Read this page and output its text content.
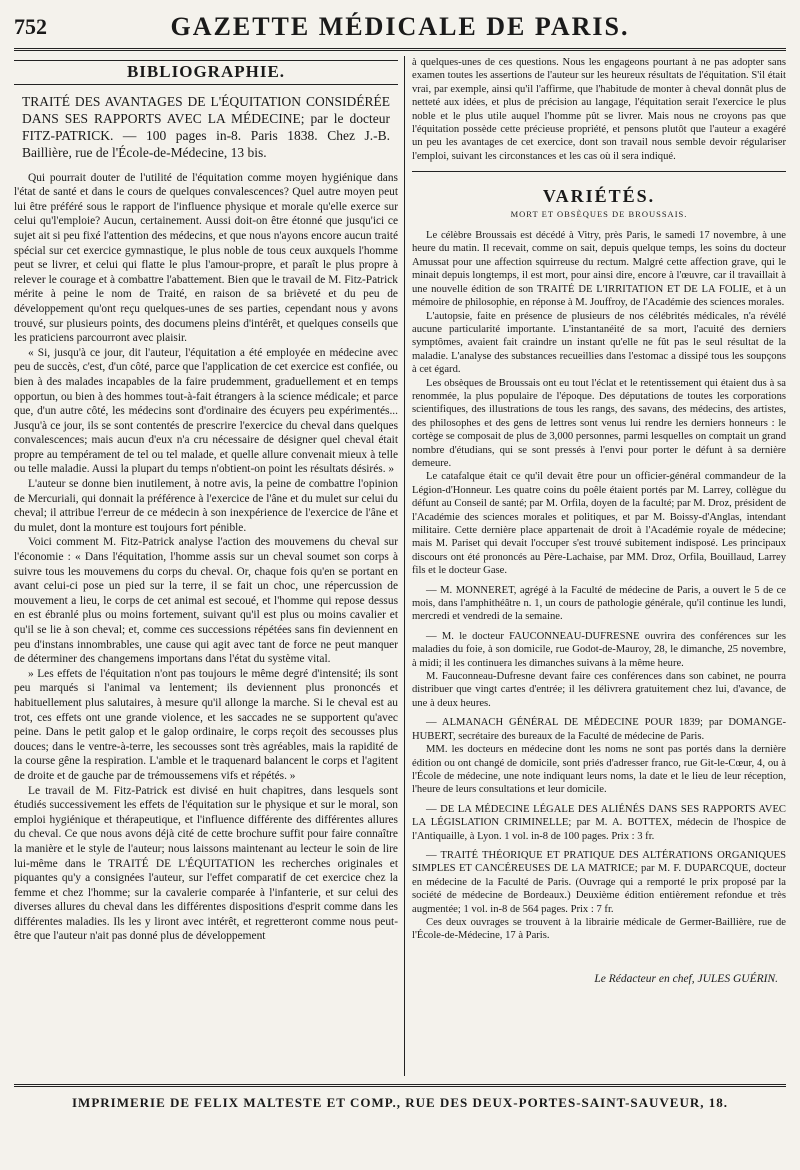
752	GAZETTE MÉDICALE DE PARIS.
BIBLIOGRAPHIE.
TRAITÉ DES AVANTAGES DE L'ÉQUITATION CONSIDÉRÉE DANS SES RAPPORTS AVEC LA MÉDECINE; par le docteur FITZ-PATRICK. — 100 pages in-8. Paris 1838. Chez J.-B. Baillière, rue de l'École-de-Médecine, 13 bis.

Qui pourrait douter de l'utilité de l'équitation comme moyen hygiénique dans l'état de santé et dans le cours de quelques convalescences? Quel autre moyen peut lui être préféré sous le rapport de l'influence physique et morale qu'elle exerce sur celui qu'l'emploie? Aucun, certainement. Aussi doit-on être étonné que jusqu'ici ce sujet ait si peu fixé l'attention des médecins, et que nous n'ayons encore aucun traité spécial sur cet exercice gymnastique, le plus noble de tous ceux auxquels l'homme peut se livrer, et celui qui flatte le plus l'amour-propre, et paraît le plus propre à relever le courage et à combattre l'abattement. Bien que le travail de M. Fitz-Patrick mérite à peine le nom de Traité, en raison de sa brièveté et du peu de développement qu'ont reçu quelques-unes de ses parties, cependant nous y avons trouvé, sur plusieurs points, des documens pleins d'intérêt, et quelques conseils que les praticiens parcourront avec plaisir.

« Si, jusqu'à ce jour, dit l'auteur, l'équitation a été employée en médecine avec peu de succès, c'est, d'un côté, parce que l'application de cet exercice est confiée, ou bien à des malades incapables de la faire prudemment, graduellement et en temps opportun, ou bien à des hommes tout-à-fait étrangers à la science médicale; et parce que, d'un autre côté, les médecins sont d'ordinaire des écuyers peu expérimentés... Jusqu'à ce jour, ils se sont contentés de prescrire l'exercice du cheval dans quelques convalescences; mais aucun d'eux n'a cru nécessaire de désigner quel cheval était propre au tempérament de tel ou tel malade, et quelle allure convenait mieux à telle ou telle maladie. Aussi la plupart du temps n'obtient-on point les résultats désirés. »

L'auteur se donne bien inutilement, à notre avis, la peine de combattre l'opinion de Mercuriali, qui donnait la préférence à l'exercice de l'âne et du mulet sur celui du cheval; il attribue l'erreur de ce médecin à son inexpérience de l'exercice de l'âne et du mulet, dont la monture est toujours fort pénible.

Voici comment M. Fitz-Patrick analyse l'action des mouvemens du cheval sur l'économie : « Dans l'équitation, l'homme assis sur un cheval soumet son corps à suivre tous les mouvemens du corps du cheval. Or, chaque fois qu'en se portant en avant celui-ci pose un pied sur la terre, il se fait un choc, une répercussion de mouvement a lieu, le corps de cet animal est secoué, et l'homme qui repose dessus en est ébranlé plus ou moins fortement, suivant qu'il est plus ou moins cavalier et qu'il se lie à son cheval; et, comme ces successions répétées sans fin deviennent en peu d'instans innombrables, une cause qui agit avec tant de force ne peut manquer de déterminer des changemens importans dans l'état du système vital.

» Les effets de l'équitation n'ont pas toujours le même degré d'intensité; ils sont peu marqués si l'animal va lentement; ils deviennent plus prononcés et habituellement plus salutaires, à mesure qu'il allonge la marche. Si le cheval est au trot, ces effets ont une grande violence, et les saccades ne se supportent qu'avec peine. Dans le petit galop et le galop ordinaire, le corps reçoit des secousses plus douces; dans le ventre-à-terre, les secousses sont très agréables, mais la rapidité de la course gêne la respiration. L'amble et le traquenard balancent le corps et l'agitent de droite et de gauche par de trémoussemens vifs et répétés. »

Le travail de M. Fitz-Patrick est divisé en huit chapitres, dans lesquels sont étudiés successivement les effets de l'équitation sur le physique et sur le moral, son emploi hygiénique et thérapeutique, et l'influence différente des différentes allures du cheval. Ce que nous avons déjà cité de cette brochure suffit pour faire connaître la manière et le style de l'auteur; nous laissons maintenant au lecteur le soin de lire lui-même dans le TRAITÉ DE L'ÉQUITATION les recherches originales et piquantes qu'y a consignées l'auteur, sur l'effet comparatif de cet exercice chez la femme et chez l'homme; sur la cavalerie comparée à l'infanterie, et sur celui des diverses allures du cheval dans les différentes dispositions d'esprit comme dans les différentes maladies. Ils les y liront avec intérêt, et regretteront comme nous peut-être que l'auteur n'ait pas donné plus de développement

à quelques-unes de ces questions. Nous les engageons pourtant à ne pas adopter sans examen toutes les assertions de l'auteur sur les heureux résultats de l'équitation. S'il était vrai, par exemple, ainsi qu'il l'affirme, que l'habitude de monter à cheval donnât plus de netteté aux idées, et plus de précision au langage, l'équitation serait l'exercice le plus noble et le plus utile auquel l'homme pût se livrer. Mais nous ne croyons pas que l'équitation possède cette précieuse propriété, et pensons plutôt que l'auteur a exagéré un peu les avantages de cet exercice, dont son travail nous semble devoir régulariser l'emploi, suivant les circonstances et les cas où il sera indiqué.

VARIÉTÉS.
MORT ET OBSÈQUES DE BROUSSAIS.

Le célèbre Broussais est décédé à Vitry, près Paris, le samedi 17 novembre, à une heure du matin. Il recevait, comme on sait, depuis quelque temps, les soins du docteur Amussat pour une affection squirreuse du rectum. Malgré cette affection grave, qui le minait depuis longtemps, il est mort, pour ainsi dire, encore à l'œuvre, car il travaillait à une nouvelle édition de son TRAITÉ DE L'IRRITATION ET DE LA FOLIE, et à un mémoire de philosophie, en réponse à M. Jouffroy, de l'Académie des sciences morales.

L'autopsie, faite en présence de plusieurs de nos célébrités médicales, n'a révélé aucune particularité importante. L'instantanéité de sa mort, l'acuité des derniers symptômes, avaient fait craindre un instant qu'elle ne fût pas le seul résultat de la maladie. L'analyse des substances recueillies dans l'estomac a dissipé tous les soupçons à cet égard.

Les obsèques de Broussais ont eu tout l'éclat et le retentissement qui étaient dus à sa renommée, la plus populaire de l'époque. Des députations de toutes les corporations scientifiques, des illustrations de tous les rangs, des savans, des médecins, des artistes, des philosophes et des gens de lettres sont venus lui rendre les derniers honneurs : le cortège se composait de plus de 3,000 personnes, parmi lesquelles on comptait un grand nombre d'étudians, qui se sont pressés à l'envi pour porter le défunt à sa dernière demeure.

Le catafalque était ce qu'il devait être pour un officier-général commandeur de la Légion-d'Honneur. Les quatre coins du poêle étaient portés par M. Larrey, collègue du défunt au Conseil de santé; par M. Orfila, doyen de la faculté; par M. Droz, président de l'Académie des sciences morales et politiques, et par M. Boissy-d'Anglas, intendant militaire. Cette dernière place appartenait de droit à l'Académie royale de médecine; mais M. Pariset qui devait l'occuper s'est trouvé subitement indisposé. Les principaux discours ont été prononcés au Père-Lachaise, par MM. Droz, Orfila, Bouillaud, Larrey fils et le docteur Gase.

— M. MONNERET, agrégé à la Faculté de médecine de Paris, a ouvert le 5 de ce mois, dans l'amphithéâtre n. 1, un cours de pathologie générale, qu'il continue les lundi, mercredi et vendredi de la semaine.

— M. le docteur FAUCONNEAU-DUFRESNE ouvrira des conférences sur les maladies du foie, à son domicile, rue Godot-de-Mauroy, 28, le dimanche, 25 novembre, à midi; il les continuera les dimanches suivans à la même heure.

M. Fauconneau-Dufresne devant faire ces conférences dans son cabinet, ne pourra distribuer que vingt cartes d'entrée; il les délivrera gratuitement chez lui, d'avance, de une à deux heures.

— ALMANACH GÉNÉRAL DE MÉDECINE POUR 1839; par DOMANGE-HUBERT, secrétaire des bureaux de la Faculté de médecine de Paris.

MM. les docteurs en médecine dont les noms ne sont pas portés dans la dernière édition ou ont changé de domicile, sont priés d'adresser franco, rue Git-le-Cœur, 4, ou à l'École de médecine, une note indiquant leurs noms, la date et le lieu de leur réception, l'heure de leurs consultations et leur domicile.

— DE LA MÉDECINE LÉGALE DES ALIÉNÉS DANS SES RAPPORTS AVEC LA LÉGISLATION CRIMINELLE; par M. A. BOTTEX, médecin de l'hospice de l'Antiquaille, à Lyon. 1 vol. in-8 de 100 pages. Prix : 3 fr.

— TRAITÉ THÉORIQUE ET PRATIQUE DES ALTÉRATIONS ORGANIQUES SIMPLES ET CANCÉREUSES DE LA MATRICE; par M. F. DUPARCQUE, docteur en médecine de la Faculté de Paris. (Ouvrage qui a remporté le prix proposé par la société de médecine de Bordeaux.) Deuxième édition entièrement refondue et très augmentée; 1 vol. in-8 de 564 pages. Prix : 7 fr.

Ces deux ouvrages se trouvent à la librairie médicale de Germer-Baillière, rue de l'École-de-Médecine, 17 à Paris.

Le Rédacteur en chef, JULES GUÉRIN.
IMPRIMERIE DE FELIX MALTESTE ET COMP., RUE DES DEUX-PORTES-SAINT-SAUVEUR, 18.
